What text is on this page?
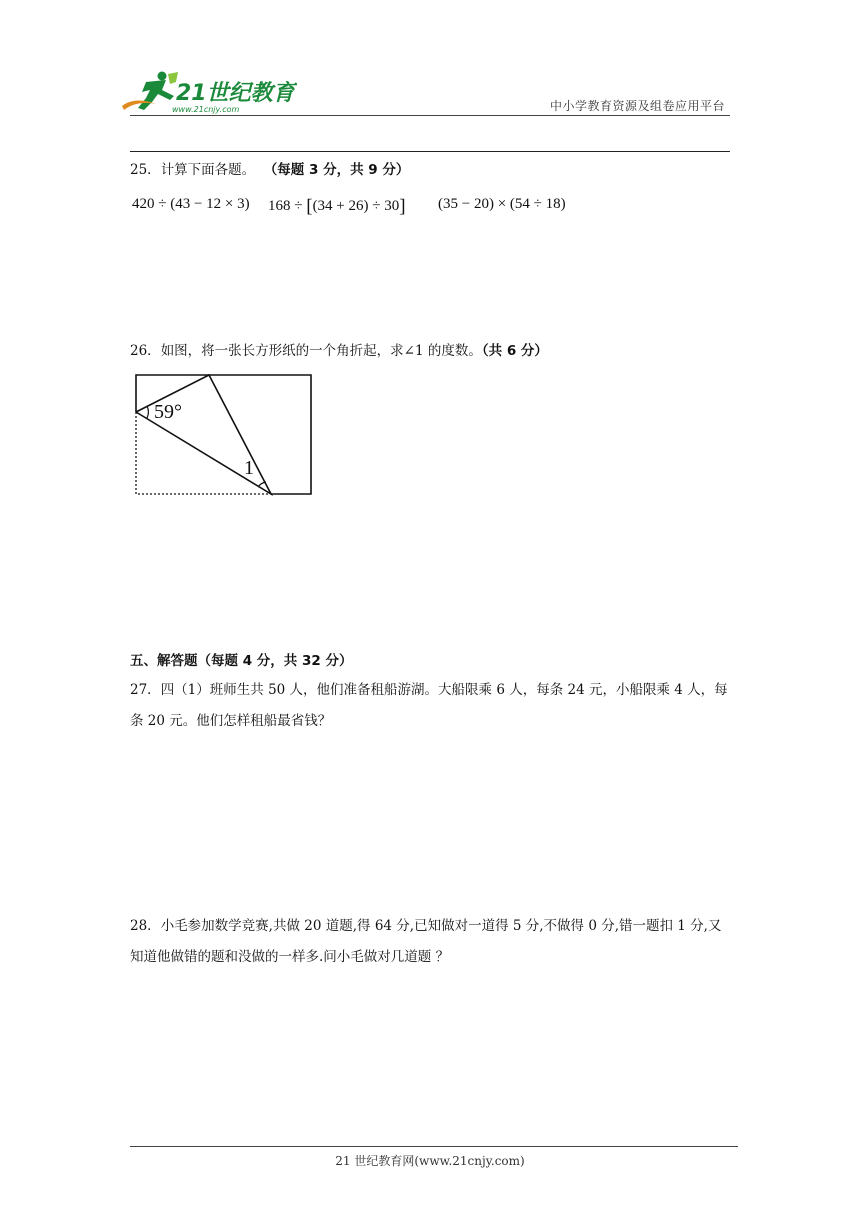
21世纪教育
www.21cnjy.com	中小学教育资源及组卷应用平台
25．计算下面各题。 （每题 3 分，共 9 分）
420 ÷ (43 − 12 × 3) 168 ÷ [(34 + 26) ÷ 30] (35 − 20) × (54 ÷ 18)
26．如图，将一张长方形纸的一个角折起，求∠1 的度数。（共 6 分）
59°
1
五、解答题（每题 4 分，共 32 分）
27．四（1）班师生共 50 人，他们准备租船游湖。大船限乘 6 人，每条 24 元，小船限乘 4 人，每条 20 元。他们怎样租船最省钱？
28．小毛参加数学竞赛,共做 20 道题,得 64 分,已知做对一道得 5 分,不做得 0 分,错一题扣 1 分,又知道他做错的题和没做的一样多.问小毛做对几道题 ？
21 世纪教育网(www.21cnjy.com)
